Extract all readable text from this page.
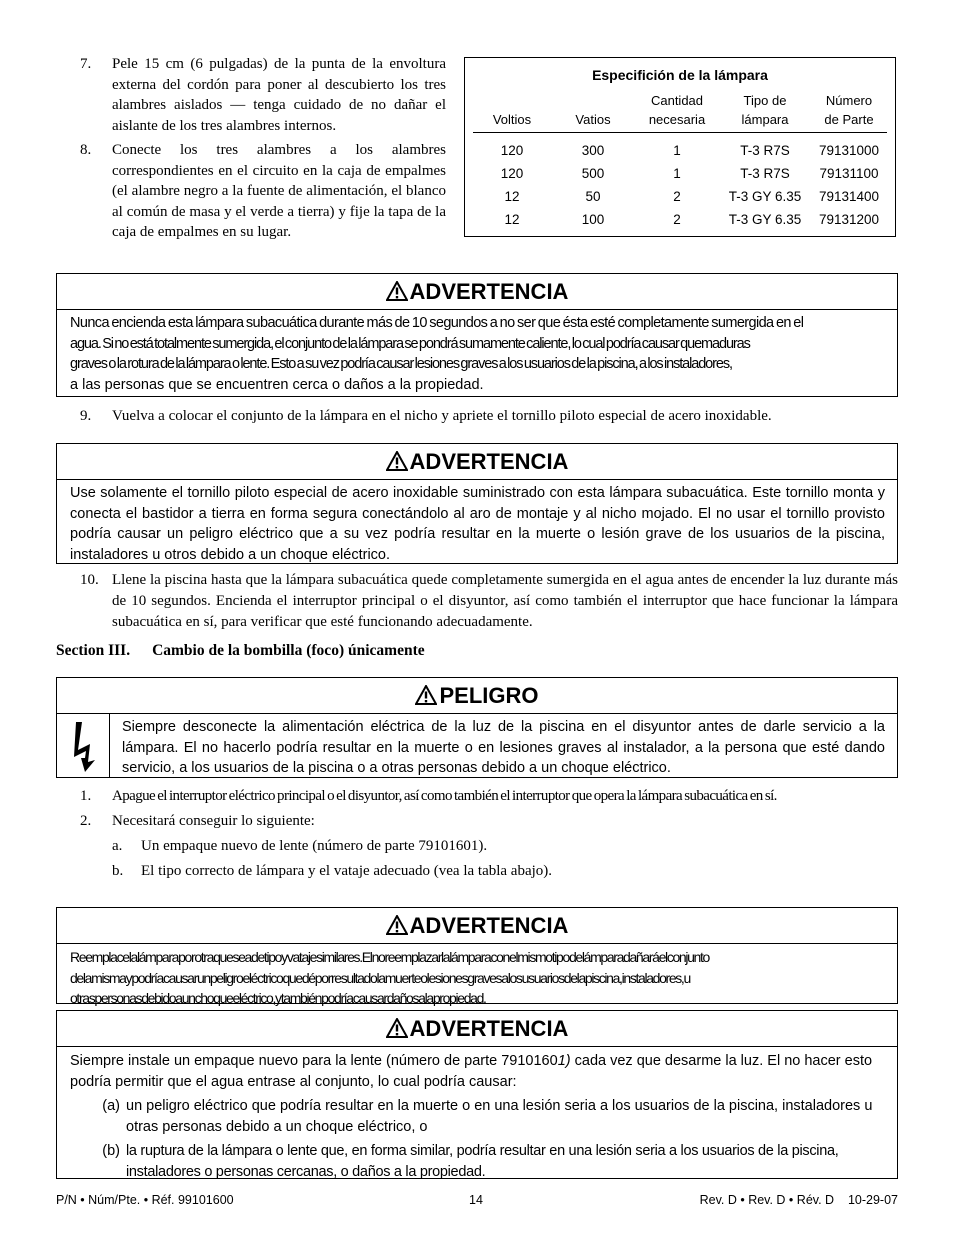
7.	Pele 15 cm (6 pulgadas) de la punta de la envoltura externa del cordón para poner al descubierto los tres alambres aislados — tenga cuidado de no dañar el aislante de los tres alambres internos.
8.	Conecte los tres alambres a los alambres correspondientes en el circuito en la caja de empalmes (el alambre negro a la fuente de alimentación, el blanco al común de masa y el verde a tierra) y fije la tapa de la caja de empalmes en su lugar.
Especifición de la lámpara
Voltios	Vatios	Cantidad necesaria	Tipo de lámpara	Número de Parte
120	300	1	T-3 R7S	79131000
120	500	1	T-3 R7S	79131100
12	50	2	T-3 GY 6.35	79131400
12	100	2	T-3 GY 6.35	79131200
ADVERTENCIA
Nunca encienda esta lámpara subacuática durante más de 10 segundos a no ser que ésta esté completamente sumergida en el
agua. Si no está totalmente sumergida, el conjunto de la lámpara se pondrá sumamente caliente, lo cual podría causar quemaduras
graves o la rotura de la lámpara o lente. Esto a su vez podría causar lesiones graves a los usuarios de la piscina, a los instaladores,
a las personas que se encuentren cerca o daños a la propiedad.
9.	Vuelva a colocar el conjunto de la lámpara en el nicho y apriete el tornillo piloto especial de acero inoxidable.
ADVERTENCIA
Use solamente el tornillo piloto especial de acero inoxidable suministrado con esta lámpara subacuática. Este tornillo monta y conecta el bastidor a tierra en forma segura conectándolo al aro de montaje y al nicho mojado. El no usar el tornillo provisto podría causar un peligro eléctrico que a su vez podría resultar en la muerte o lesión grave de los usuarios de la piscina, instaladores u otros debido a un choque eléctrico.
10. Llene la piscina hasta que la lámpara subacuática quede completamente sumergida en el agua antes de encender la luz durante más de 10 segundos. Encienda el interruptor principal o el disyuntor, así como también el interruptor que hace funcionar la lámpara subacuática en sí, para verificar que esté funcionando adecuadamente.
Section III. Cambio de la bombilla (foco) únicamente
PELIGRO
Siempre desconecte la alimentación eléctrica de la luz de la piscina en el disyuntor antes de darle servicio a la lámpara. El no hacerlo podría resultar en la muerte o en lesiones graves al instalador, a la persona que esté dando servicio, a los usuarios de la piscina o a otras personas debido a un choque eléctrico.
1.	Apague el interruptor eléctrico principal o el disyuntor, así como también el interruptor que opera la lámpara subacuática en sí.
2.	Necesitará conseguir lo siguiente:
a.	Un empaque nuevo de lente (número de parte 79101601).
b.	El tipo correcto de lámpara y el vataje adecuado (vea la tabla abajo).
ADVERTENCIA
Reemplace la lámpara por otra que sea de tipo y vataje similares. El no reemplazar la lámpara con el mismo tipo de lámpara dañará el conjunto
de la misma y podría causar un peligro eléctrico que dé por resultado la muerte o lesiones graves a los usuarios de la piscina, instaladores, u
otras personas debido a un choque eléctrico, y también podría causar daños a la propiedad.
ADVERTENCIA
Siempre instale un empaque nuevo para la lente (número de parte 79101601) cada vez que desarme la luz. El no hacer esto podría permitir que el agua entrase al conjunto, lo cual podría causar:
(a) un peligro eléctrico que podría resultar en la muerte o en una lesión seria a los usuarios de la piscina, instaladores u otras personas debido a un choque eléctrico, o
(b) la ruptura de la lámpara o lente que, en forma similar, podría resultar en una lesión seria a los usuarios de la piscina, instaladores o personas cercanas, o daños a la propiedad.
P/N • Núm/Pte. • Réf. 99101600	14	Rev. D • Rev. D • Rév. D    10-29-07
